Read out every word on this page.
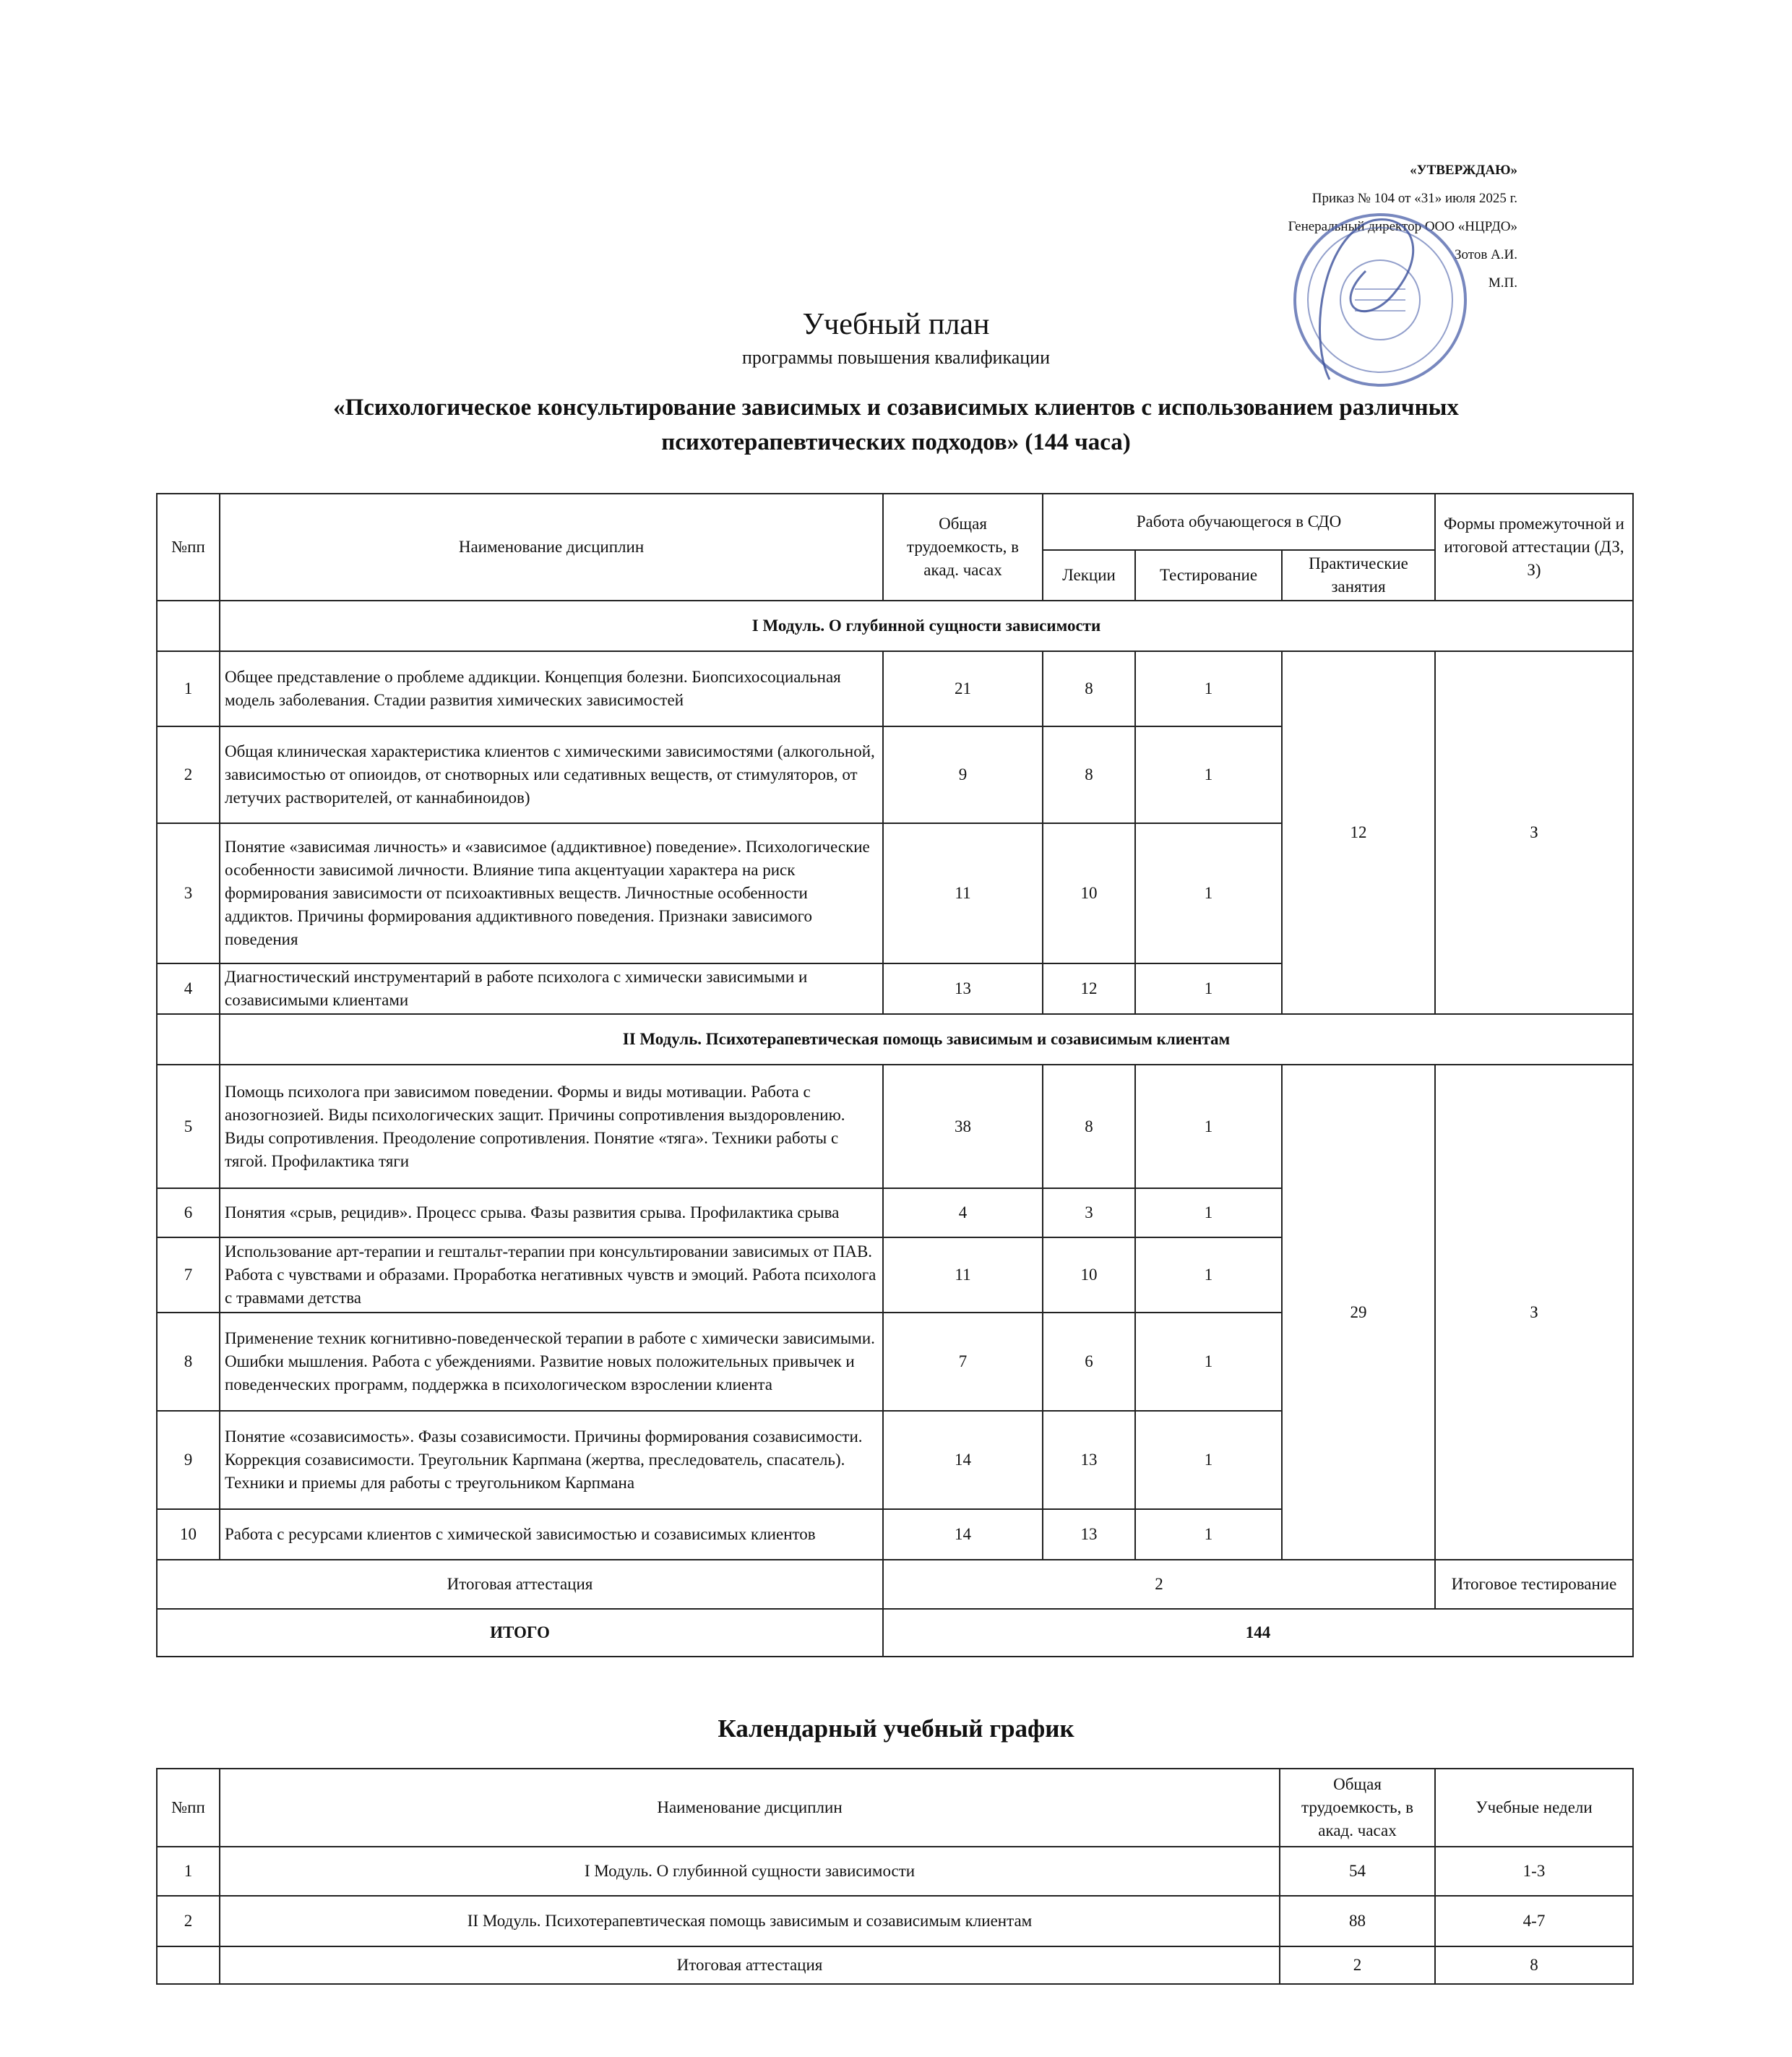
«УТВЕРЖДАЮ»
Приказ № 104 от «31» июля 2025 г.
Генеральный директор ООО «НЦРДО»
Зотов А.И.
М.П.
Учебный план
программы повышения квалификации
«Психологическое консультирование зависимых и созависимых клиентов с использованием различных психотерапевтических подходов» (144 часа)
№пп	Наименование дисциплин	Общая трудоемкость, в акад. часах	Работа обучающегося в СДО			Формы промежуточной и итоговой аттестации (ДЗ, З)
			Лекции	Тестирование	Практические занятия	
	I Модуль. О глубинной сущности зависимости					
1	Общее представление о проблеме аддикции. Концепция болезни. Биопсихосоциальная модель заболевания. Стадии развития химических зависимостей	21	8	1	12	З
2	Общая клиническая характеристика клиентов с химическими зависимостями (алкогольной, зависимостью от опиоидов, от снотворных или седативных веществ, от стимуляторов, от летучих растворителей, от каннабиноидов)	9	8	1		
3	Понятие «зависимая личность» и «зависимое (аддиктивное) поведение». Психологические особенности зависимой личности. Влияние типа акцентуации характера на риск формирования зависимости от психоактивных веществ. Личностные особенности аддиктов. Причины формирования аддиктивного поведения. Признаки зависимого поведения	11	10	1		
4	Диагностический инструментарий в работе психолога с химически зависимыми и созависимыми клиентами	13	12	1		
	II Модуль. Психотерапевтическая помощь зависимым и созависимым клиентам					
5	Помощь психолога при зависимом поведении. Формы и виды мотивации. Работа с анозогнозией. Виды психологических защит. Причины сопротивления выздоровлению. Виды сопротивления. Преодоление сопротивления. Понятие «тяга». Техники работы с тягой. Профилактика тяги	38	8	1	29	З
6	Понятия «срыв, рецидив». Процесс срыва. Фазы развития срыва. Профилактика срыва	4	3	1		
7	Использование арт-терапии и гештальт-терапии при консультировании зависимых от ПАВ. Работа с чувствами и образами. Проработка негативных чувств и эмоций. Работа психолога с травмами детства	11	10	1		
8	Применение техник когнитивно-поведенческой терапии в работе с химически зависимыми. Ошибки мышления. Работа с убеждениями. Развитие новых положительных привычек и поведенческих программ, поддержка в психологическом взрослении клиента	7	6	1		
9	Понятие «созависимость». Фазы созависимости. Причины формирования созависимости. Коррекция созависимости. Треугольник Карпмана (жертва, преследователь, спасатель). Техники и приемы для работы с треугольником Карпмана	14	13	1		
10	Работа с ресурсами клиентов с химической зависимостью и созависимых клиентов	14	13	1		
Итоговая аттестация		2				Итоговое тестирование
ИТОГО		144				
Календарный учебный график
№пп	Наименование дисциплин	Общая трудоемкость, в акад. часах	Учебные недели
1	I Модуль. О глубинной сущности зависимости	54	1-3
2	II Модуль. Психотерапевтическая помощь зависимым и созависимым клиентам	88	4-7
	Итоговая аттестация	2	8
